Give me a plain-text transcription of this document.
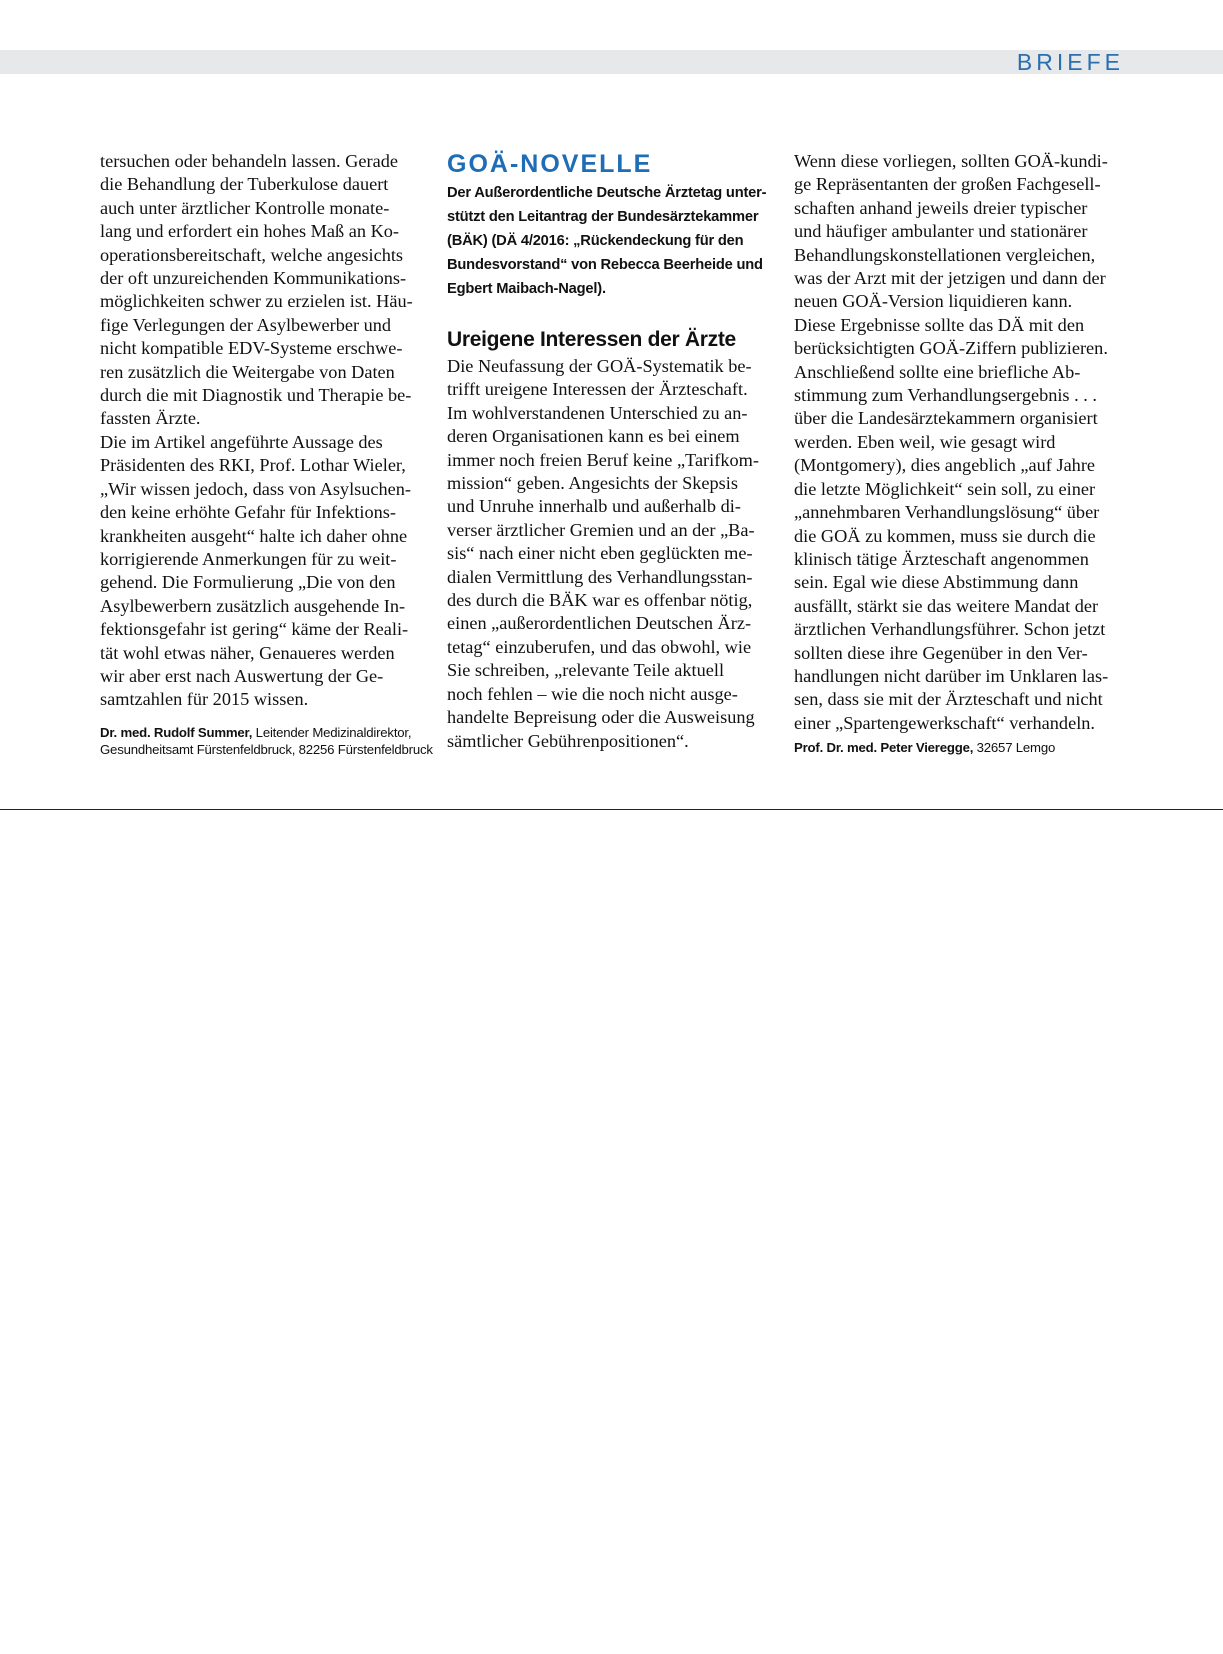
BRIEFE

tersuchen oder behandeln lassen. Gerade
die Behandlung der Tuberkulose dauert
auch unter ärztlicher Kontrolle monate-
lang und erfordert ein hohes Maß an Ko-
operationsbereitschaft, welche angesichts
der oft unzureichenden Kommunikations-
möglichkeiten schwer zu erzielen ist. Häu-
fige Verlegungen der Asylbewerber und
nicht kompatible EDV-Systeme erschwe-
ren zusätzlich die Weitergabe von Daten
durch die mit Diagnostik und Therapie be-
fassten Ärzte.
Die im Artikel angeführte Aussage des
Präsidenten des RKI, Prof. Lothar Wieler,
„Wir wissen jedoch, dass von Asylsuchen-
den keine erhöhte Gefahr für Infektions-
krankheiten ausgeht“ halte ich daher ohne
korrigierende Anmerkungen für zu weit-
gehend. Die Formulierung „Die von den
Asylbewerbern zusätzlich ausgehende In-
fektionsgefahr ist gering“ käme der Reali-
tät wohl etwas näher, Genaueres werden
wir aber erst nach Auswertung der Ge-
samtzahlen für 2015 wissen.

Dr. med. Rudolf Summer, Leitender Medizinaldirektor,
Gesundheitsamt Fürstenfeldbruck, 82256 Fürstenfeldbruck
GOÄ-NOVELLE
Der Außerordentliche Deutsche Ärztetag unter-
stützt den Leitantrag der Bundesärztekammer
(BÄK) (DÄ 4/2016: „Rückendeckung für den
Bundesvorstand“ von Rebecca Beerheide und
Egbert Maibach-Nagel).
Ureigene Interessen der Ärzte

Die Neufassung der GOÄ-Systematik be-
trifft ureigene Interessen der Ärzteschaft.
Im wohlverstandenen Unterschied zu an-
deren Organisationen kann es bei einem
immer noch freien Beruf keine „Tarifkom-
mission“ geben. Angesichts der Skepsis
und Unruhe innerhalb und außerhalb di-
verser ärztlicher Gremien und an der „Ba-
sis“ nach einer nicht eben geglückten me-
dialen Vermittlung des Verhandlungsstan-
des durch die BÄK war es offenbar nötig,
einen „außerordentlichen Deutschen Ärz-
tetag“ einzuberufen, und das obwohl, wie
Sie schreiben, „relevante Teile aktuell
noch fehlen – wie die noch nicht ausge-
handelte Bepreisung oder die Ausweisung
sämtlicher Gebührenpositionen“.

Wenn diese vorliegen, sollten GOÄ-kundi-
ge Repräsentanten der großen Fachgesell-
schaften anhand jeweils dreier typischer
und häufiger ambulanter und stationärer
Behandlungskonstellationen vergleichen,
was der Arzt mit der jetzigen und dann der
neuen GOÄ-Version liquidieren kann.
Diese Ergebnisse sollte das DÄ mit den
berücksichtigten GOÄ-Ziffern publizieren.
Anschließend sollte eine briefliche Ab-
stimmung zum Verhandlungsergebnis . . .
über die Landesärztekammern organisiert
werden. Eben weil, wie gesagt wird
(Montgomery), dies angeblich „auf Jahre
die letzte Möglichkeit“ sein soll, zu einer
„annehmbaren Verhandlungslösung“ über
die GOÄ zu kommen, muss sie durch die
klinisch tätige Ärzteschaft angenommen
sein. Egal wie diese Abstimmung dann
ausfällt, stärkt sie das weitere Mandat der
ärztlichen Verhandlungsführer. Schon jetzt
sollten diese ihre Gegenüber in den Ver-
handlungen nicht darüber im Unklaren las-
sen, dass sie mit der Ärzteschaft und nicht
einer „Spartengewerkschaft“ verhandeln.

Prof. Dr. med. Peter Vieregge, 32657 Lemgo
